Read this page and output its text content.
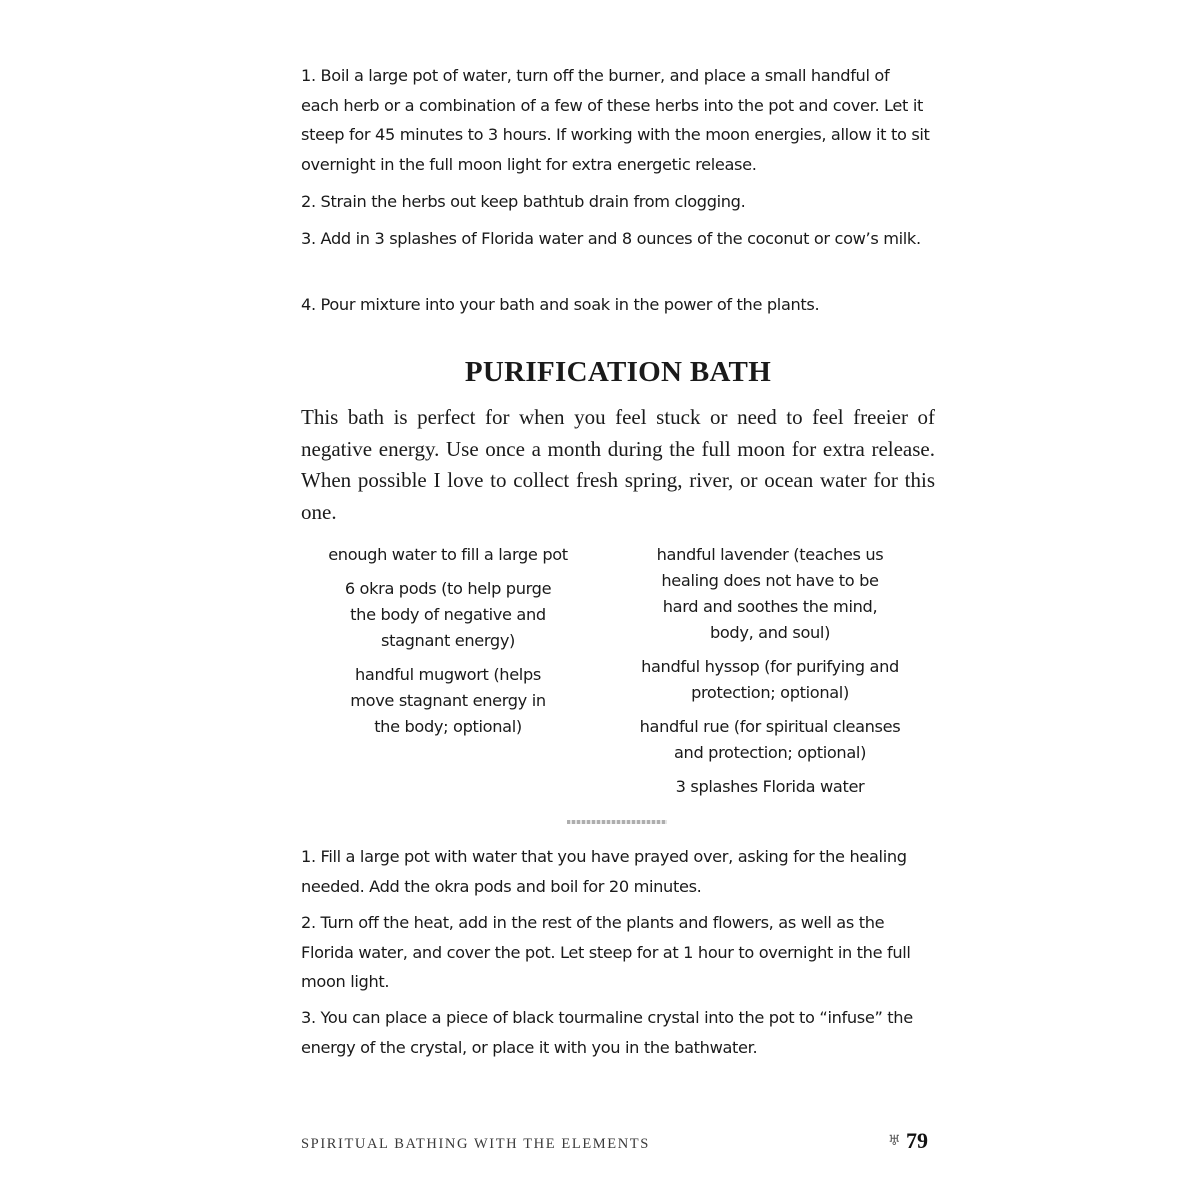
1. Boil a large pot of water, turn off the burner, and place a small handful of each herb or a combination of a few of these herbs into the pot and cover. Let it steep for 45 minutes to 3 hours. If working with the moon energies, allow it to sit overnight in the full moon light for extra energetic release.

2. Strain the herbs out keep bathtub drain from clogging.

3. Add in 3 splashes of Florida water and 8 ounces of the coconut or cow’s milk.

4. Pour mixture into your bath and soak in the power of the plants.

PURIFICATION BATH

This bath is perfect for when you feel stuck or need to feel freeier of negative energy. Use once a month during the full moon for extra release. When possible I love to collect fresh spring, river, or ocean water for this one.

enough water to fill a large pot

6 okra pods (to help purge the body of negative and stagnant energy)

handful mugwort (helps move stagnant energy in the body; optional)

handful lavender (teaches us healing does not have to be hard and soothes the mind, body, and soul)

handful hyssop (for purifying and protection; optional)

handful rue (for spiritual cleanses and protection; optional)

3 splashes Florida water

1. Fill a large pot with water that you have prayed over, asking for the healing needed. Add the okra pods and boil for 20 minutes.

2. Turn off the heat, add in the rest of the plants and flowers, as well as the Florida water, and cover the pot. Let steep for at 1 hour to overnight in the full moon light.

3. You can place a piece of black tourmaline crystal into the pot to “infuse” the energy of the crystal, or place it with you in the bathwater.

SPIRITUAL BATHING WITH THE ELEMENTS	♅ 79
